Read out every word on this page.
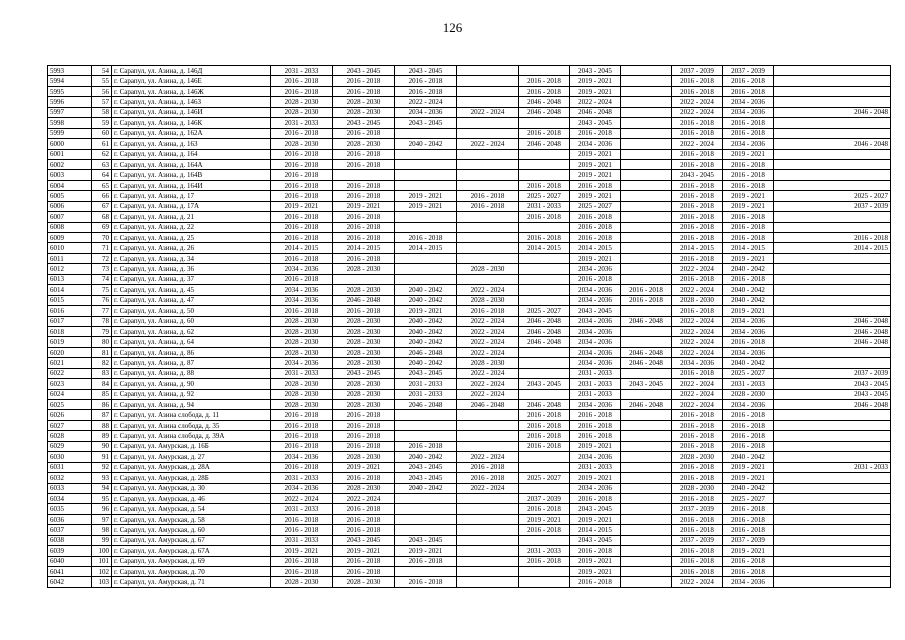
126
5993	54	г. Сарапул, ул. Азина, д. 146Д	2031 - 2033	2043 - 2045	2043 - 2045			2043 - 2045		2037 - 2039	2037 - 2039	
5994	55	г. Сарапул, ул. Азина, д. 146Е	2016 - 2018	2016 - 2018	2016 - 2018		2016 - 2018	2019 - 2021		2016 - 2018	2016 - 2018	
5995	56	г. Сарапул, ул. Азина, д. 146Ж	2016 - 2018	2016 - 2018	2016 - 2018		2016 - 2018	2019 - 2021		2016 - 2018	2016 - 2018	
5996	57	г. Сарапул, ул. Азина, д. 146З	2028 - 2030	2028 - 2030	2022 - 2024		2046 - 2048	2022 - 2024		2022 - 2024	2034 - 2036	
5997	58	г. Сарапул, ул. Азина, д. 146И	2028 - 2030	2028 - 2030	2034 - 2036	2022 - 2024	2046 - 2048	2046 - 2048		2022 - 2024	2034 - 2036	2046 - 2048
5998	59	г. Сарапул, ул. Азина, д. 146К	2031 - 2033	2043 - 2045	2043 - 2045			2043 - 2045		2016 - 2018	2016 - 2018	
5999	60	г. Сарапул, ул. Азина, д. 162А	2016 - 2018	2016 - 2018			2016 - 2018	2016 - 2018		2016 - 2018	2016 - 2018	
6000	61	г. Сарапул, ул. Азина, д. 163	2028 - 2030	2028 - 2030	2040 - 2042	2022 - 2024	2046 - 2048	2034 - 2036		2022 - 2024	2034 - 2036	2046 - 2048
6001	62	г. Сарапул, ул. Азина, д. 164	2016 - 2018	2016 - 2018				2019 - 2021		2016 - 2018	2019 - 2021	
6002	63	г. Сарапул, ул. Азина, д. 164А	2016 - 2018	2016 - 2018				2019 - 2021		2016 - 2018	2016 - 2018	
6003	64	г. Сарапул, ул. Азина, д. 164В	2016 - 2018					2019 - 2021		2043 - 2045	2016 - 2018	
6004	65	г. Сарапул, ул. Азина, д. 164И	2016 - 2018	2016 - 2018			2016 - 2018	2016 - 2018		2016 - 2018	2016 - 2018	
6005	66	г. Сарапул, ул. Азина, д. 17	2016 - 2018	2016 - 2018	2019 - 2021	2016 - 2018	2025 - 2027	2019 - 2021		2016 - 2018	2019 - 2021	2025 - 2027
6006	67	г. Сарапул, ул. Азина, д. 17А	2019 - 2021	2019 - 2021	2019 - 2021	2016 - 2018	2031 - 2033	2025 - 2027		2016 - 2018	2019 - 2021	2037 - 2039
6007	68	г. Сарапул, ул. Азина, д. 21	2016 - 2018	2016 - 2018			2016 - 2018	2016 - 2018		2016 - 2018	2016 - 2018	
6008	69	г. Сарапул, ул. Азина, д. 22	2016 - 2018	2016 - 2018				2016 - 2018		2016 - 2018	2016 - 2018	
6009	70	г. Сарапул, ул. Азина, д. 25	2016 - 2018	2016 - 2018	2016 - 2018		2016 - 2018	2016 - 2018		2016 - 2018	2016 - 2018	2016 - 2018
6010	71	г. Сарапул, ул. Азина, д. 26	2014 - 2015	2014 - 2015	2014 - 2015		2014 - 2015	2014 - 2015		2014 - 2015	2014 - 2015	2014 - 2015
6011	72	г. Сарапул, ул. Азина, д. 34	2016 - 2018	2016 - 2018				2019 - 2021		2016 - 2018	2019 - 2021	
6012	73	г. Сарапул, ул. Азина, д. 36	2034 - 2036	2028 - 2030		2028 - 2030		2034 - 2036		2022 - 2024	2040 - 2042	
6013	74	г. Сарапул, ул. Азина, д. 37	2016 - 2018					2016 - 2018		2016 - 2018	2016 - 2018	
6014	75	г. Сарапул, ул. Азина, д. 45	2034 - 2036	2028 - 2030	2040 - 2042	2022 - 2024		2034 - 2036	2016 - 2018	2022 - 2024	2040 - 2042	
6015	76	г. Сарапул, ул. Азина, д. 47	2034 - 2036	2046 - 2048	2040 - 2042	2028 - 2030		2034 - 2036	2016 - 2018	2028 - 2030	2040 - 2042	
6016	77	г. Сарапул, ул. Азина, д. 50	2016 - 2018	2016 - 2018	2019 - 2021	2016 - 2018	2025 - 2027	2043 - 2045		2016 - 2018	2019 - 2021	
6017	78	г. Сарапул, ул. Азина, д. 60	2028 - 2030	2028 - 2030	2040 - 2042	2022 - 2024	2046 - 2048	2034 - 2036	2046 - 2048	2022 - 2024	2034 - 2036	2046 - 2048
6018	79	г. Сарапул, ул. Азина, д. 62	2028 - 2030	2028 - 2030	2040 - 2042	2022 - 2024	2046 - 2048	2034 - 2036		2022 - 2024	2034 - 2036	2046 - 2048
6019	80	г. Сарапул, ул. Азина, д. 64	2028 - 2030	2028 - 2030	2040 - 2042	2022 - 2024	2046 - 2048	2034 - 2036		2022 - 2024	2016 - 2018	2046 - 2048
6020	81	г. Сарапул, ул. Азина, д. 86	2028 - 2030	2028 - 2030	2046 - 2048	2022 - 2024		2034 - 2036	2046 - 2048	2022 - 2024	2034 - 2036	
6021	82	г. Сарапул, ул. Азина, д. 87	2034 - 2036	2028 - 2030	2040 - 2042	2028 - 2030		2034 - 2036	2046 - 2048	2034 - 2036	2040 - 2042	
6022	83	г. Сарапул, ул. Азина, д. 88	2031 - 2033	2043 - 2045	2043 - 2045	2022 - 2024		2031 - 2033		2016 - 2018	2025 - 2027	2037 - 2039
6023	84	г. Сарапул, ул. Азина, д. 90	2028 - 2030	2028 - 2030	2031 - 2033	2022 - 2024	2043 - 2045	2031 - 2033	2043 - 2045	2022 - 2024	2031 - 2033	2043 - 2045
6024	85	г. Сарапул, ул. Азина, д. 92	2028 - 2030	2028 - 2030	2031 - 2033	2022 - 2024		2031 - 2033		2022 - 2024	2028 - 2030	2043 - 2045
6025	86	г. Сарапул, ул. Азина, д. 94	2028 - 2030	2028 - 2030	2046 - 2048	2046 - 2048	2046 - 2048	2034 - 2036	2046 - 2048	2022 - 2024	2034 - 2036	2046 - 2048
6026	87	г. Сарапул, ул. Азина слобода, д. 11	2016 - 2018	2016 - 2018			2016 - 2018	2016 - 2018		2016 - 2018	2016 - 2018	
6027	88	г. Сарапул, ул. Азина слобода, д. 35	2016 - 2018	2016 - 2018			2016 - 2018	2016 - 2018		2016 - 2018	2016 - 2018	
6028	89	г. Сарапул, ул. Азина слобода, д. 39А	2016 - 2018	2016 - 2018			2016 - 2018	2016 - 2018		2016 - 2018	2016 - 2018	
6029	90	г. Сарапул, ул. Амурская, д. 16Б	2016 - 2018	2016 - 2018	2016 - 2018		2016 - 2018	2019 - 2021		2016 - 2018	2016 - 2018	
6030	91	г. Сарапул, ул. Амурская, д. 27	2034 - 2036	2028 - 2030	2040 - 2042	2022 - 2024		2034 - 2036		2028 - 2030	2040 - 2042	
6031	92	г. Сарапул, ул. Амурская, д. 28А	2016 - 2018	2019 - 2021	2043 - 2045	2016 - 2018		2031 - 2033		2016 - 2018	2019 - 2021	2031 - 2033
6032	93	г. Сарапул, ул. Амурская, д. 28Б	2031 - 2033	2016 - 2018	2043 - 2045	2016 - 2018	2025 - 2027	2019 - 2021		2016 - 2018	2019 - 2021	
6033	94	г. Сарапул, ул. Амурская, д. 30	2034 - 2036	2028 - 2030	2040 - 2042	2022 - 2024		2034 - 2036		2028 - 2030	2040 - 2042	
6034	95	г. Сарапул, ул. Амурская, д. 46	2022 - 2024	2022 - 2024			2037 - 2039	2016 - 2018		2016 - 2018	2025 - 2027	
6035	96	г. Сарапул, ул. Амурская, д. 54	2031 - 2033	2016 - 2018			2016 - 2018	2043 - 2045		2037 - 2039	2016 - 2018	
6036	97	г. Сарапул, ул. Амурская, д. 58	2016 - 2018	2016 - 2018			2019 - 2021	2019 - 2021		2016 - 2018	2016 - 2018	
6037	98	г. Сарапул, ул. Амурская, д. 60	2016 - 2018	2016 - 2018			2016 - 2018	2014 - 2015		2016 - 2018	2016 - 2018	
6038	99	г. Сарапул, ул. Амурская, д. 67	2031 - 2033	2043 - 2045	2043 - 2045			2043 - 2045		2037 - 2039	2037 - 2039	
6039	100	г. Сарапул, ул. Амурская, д. 67А	2019 - 2021	2019 - 2021	2019 - 2021		2031 - 2033	2016 - 2018		2016 - 2018	2019 - 2021	
6040	101	г. Сарапул, ул. Амурская, д. 69	2016 - 2018	2016 - 2018	2016 - 2018		2016 - 2018	2019 - 2021		2016 - 2018	2016 - 2018	
6041	102	г. Сарапул, ул. Амурская, д. 70	2016 - 2018	2016 - 2018				2019 - 2021		2016 - 2018	2016 - 2018	
6042	103	г. Сарапул, ул. Амурская, д. 71	2028 - 2030	2028 - 2030	2016 - 2018			2016 - 2018		2022 - 2024	2034 - 2036	
